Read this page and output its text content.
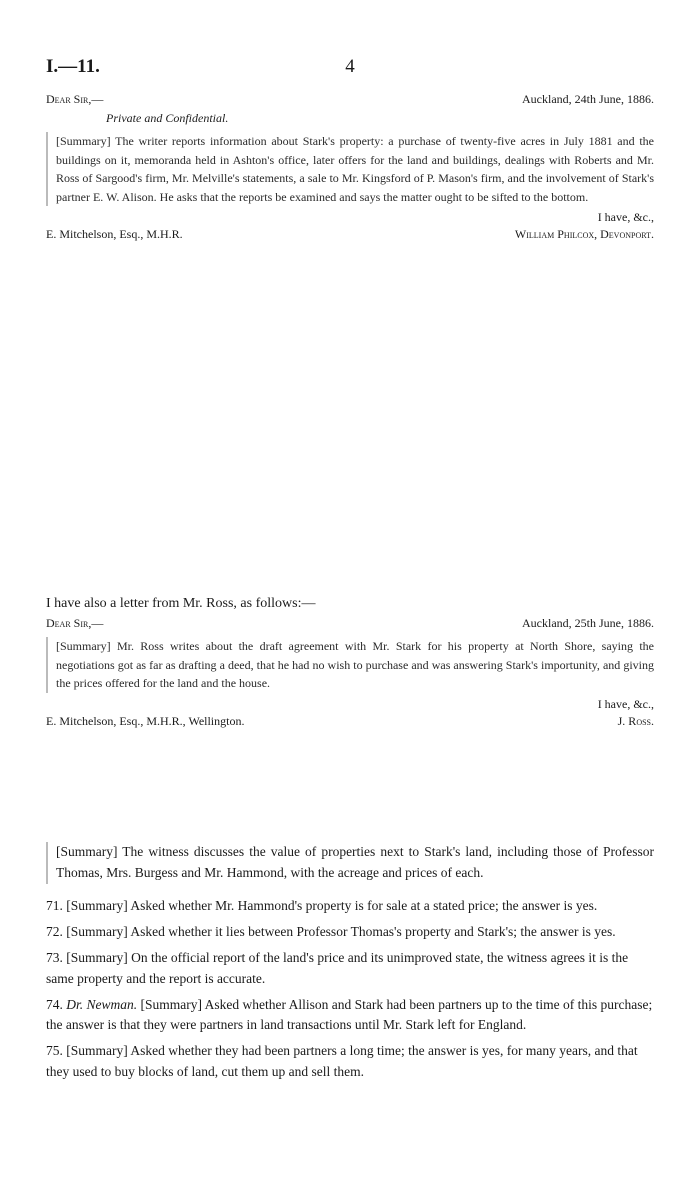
I.—11.	4
Dear Sir,—	Auckland, 24th June, 1886.
Private and Confidential.
[Summary] The writer reports information about Stark's property: a purchase of twenty-five acres in July 1881 and the buildings on it, memoranda held in Ashton's office, later offers for the land and buildings, dealings with Roberts and Mr. Ross of Sargood's firm, Mr. Melville's statements, a sale to Mr. Kingsford of P. Mason's firm, and the involvement of Stark's partner E. W. Alison. He asks that the reports be examined and says the matter ought to be sifted to the bottom.
I have, &c.,
E. Mitchelson, Esq., M.H.R.	William Philcox, Devonport.

I have also a letter from Mr. Ross, as follows:—

Dear Sir,—	Auckland, 25th June, 1886.
[Summary] Mr. Ross writes about the draft agreement with Mr. Stark for his property at North Shore, saying the negotiations got as far as drafting a deed, that he had no wish to purchase and was answering Stark's importunity, and giving the prices offered for the land and the house.
I have, &c.,
E. Mitchelson, Esq., M.H.R., Wellington.	J. Ross.
[Summary] The witness discusses the value of properties next to Stark's land, including those of Professor Thomas, Mrs. Burgess and Mr. Hammond, with the acreage and prices of each.

71. [Summary] Asked whether Mr. Hammond's property is for sale at a stated price; the answer is yes.

72. [Summary] Asked whether it lies between Professor Thomas's property and Stark's; the answer is yes.

73. [Summary] On the official report of the land's price and its unimproved state, the witness agrees it is the same property and the report is accurate.

74. Dr. Newman. [Summary] Asked whether Allison and Stark had been partners up to the time of this purchase; the answer is that they were partners in land transactions until Mr. Stark left for England.

75. [Summary] Asked whether they had been partners a long time; the answer is yes, for many years, and that they used to buy blocks of land, cut them up and sell them.
